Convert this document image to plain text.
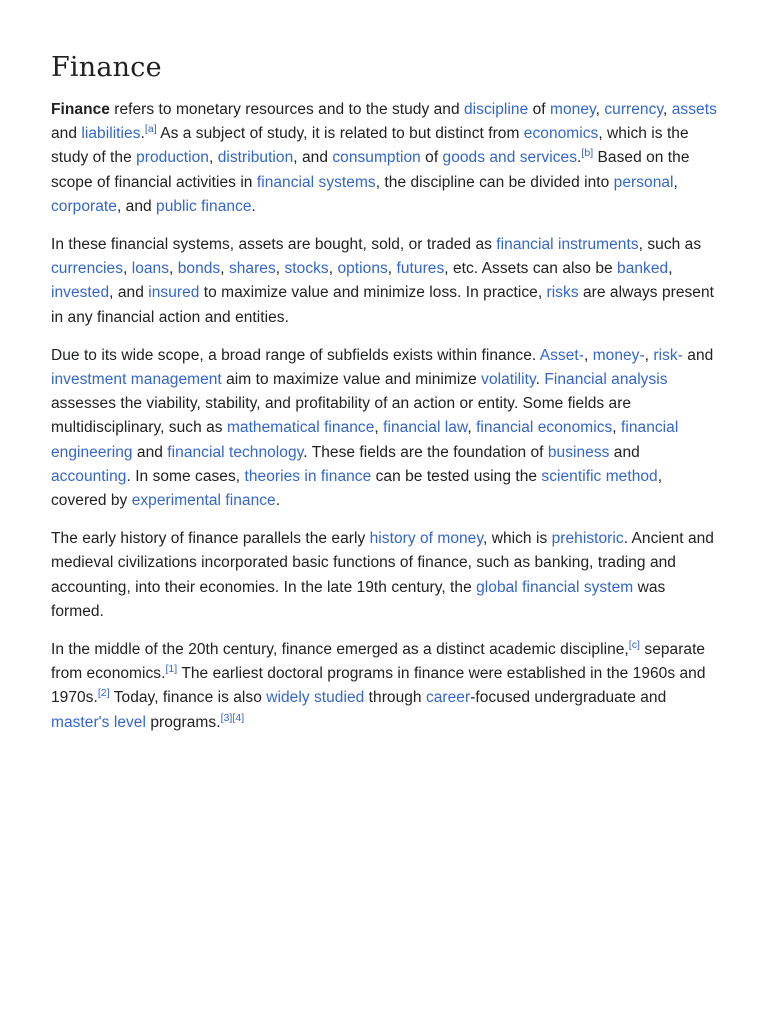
Finance

Finance refers to monetary resources and to the study and discipline of money, currency, assets and liabilities.[a] As a subject of study, it is related to but distinct from economics, which is the study of the production, distribution, and consumption of goods and services.[b] Based on the scope of financial activities in financial systems, the discipline can be divided into personal, corporate, and public finance.

In these financial systems, assets are bought, sold, or traded as financial instruments, such as currencies, loans, bonds, shares, stocks, options, futures, etc. Assets can also be banked, invested, and insured to maximize value and minimize loss. In practice, risks are always present in any financial action and entities.

Due to its wide scope, a broad range of subfields exists within finance. Asset-, money-, risk- and investment management aim to maximize value and minimize volatility. Financial analysis assesses the viability, stability, and profitability of an action or entity. Some fields are multidisciplinary, such as mathematical finance, financial law, financial economics, financial engineering and financial technology. These fields are the foundation of business and accounting. In some cases, theories in finance can be tested using the scientific method, covered by experimental finance.

The early history of finance parallels the early history of money, which is prehistoric. Ancient and medieval civilizations incorporated basic functions of finance, such as banking, trading and accounting, into their economies. In the late 19th century, the global financial system was formed.

In the middle of the 20th century, finance emerged as a distinct academic discipline,[c] separate from economics.[1] The earliest doctoral programs in finance were established in the 1960s and 1970s.[2] Today, finance is also widely studied through career-focused undergraduate and master's level programs.[3][4]
